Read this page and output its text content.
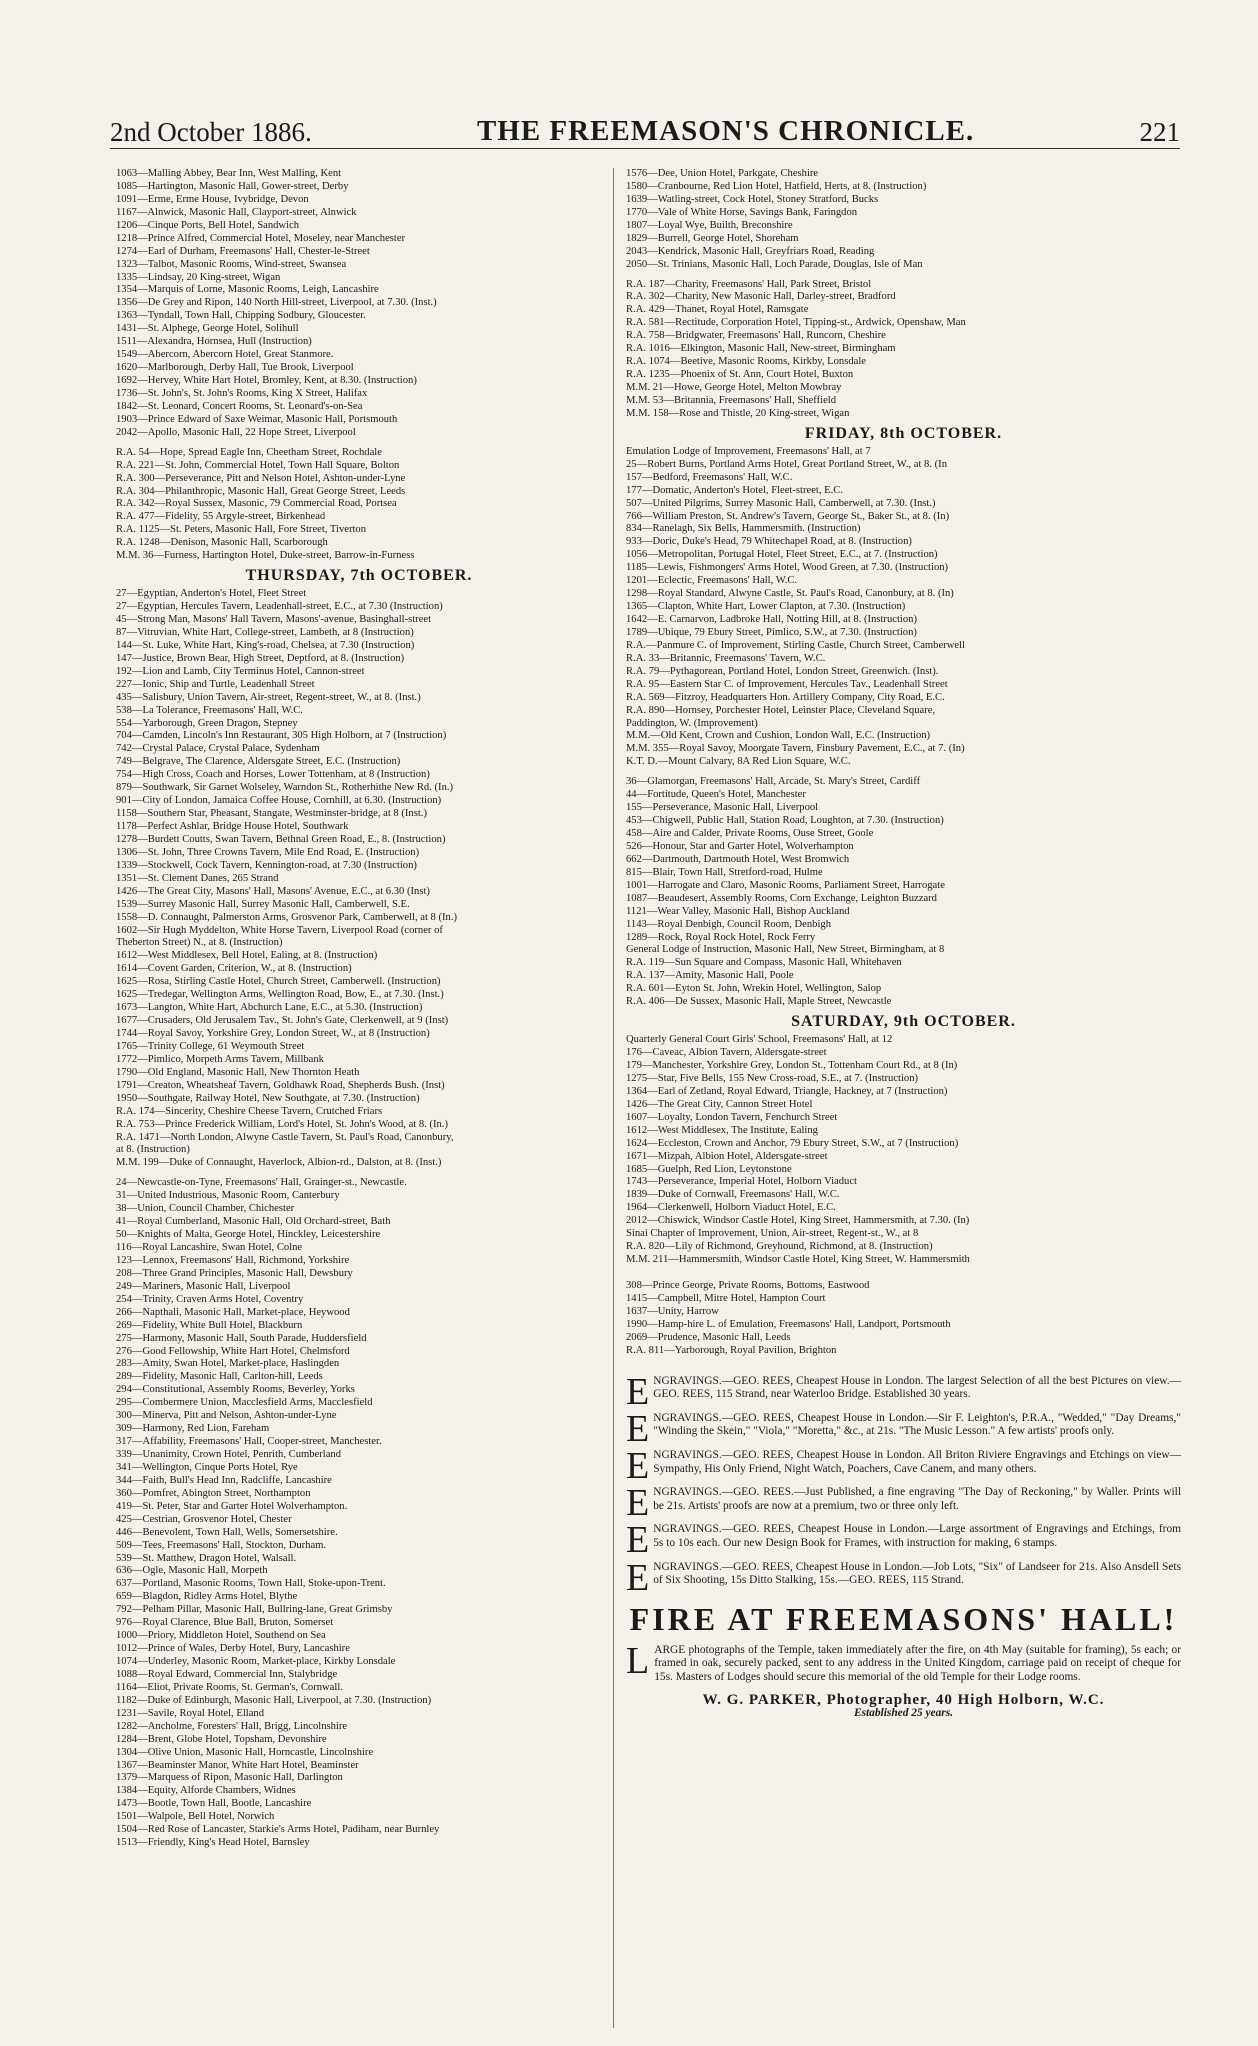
2nd October 1886.	THE FREEMASON'S CHRONICLE.	221
1063—Malling Abbey, Bear Inn, West Malling, Kent
1085—Hartington, Masonic Hall, Gower-street, Derby
1091—Erme, Erme House, Ivybridge, Devon
1167—Alnwick, Masonic Hall, Clayport-street, Alnwick
1206—Cinque Ports, Bell Hotel, Sandwich
1218—Prince Alfred, Commercial Hotel, Moseley, near Manchester
1274—Earl of Durham, Freemasons' Hall, Chester-le-Street
1323—Talbot, Masonic Rooms, Wind-street, Swansea
1335—Lindsay, 20 King-street, Wigan
1354—Marquis of Lorne, Masonic Rooms, Leigh, Lancashire
1356—De Grey and Ripon, 140 North Hill-street, Liverpool, at 7.30. (Inst.)
1363—Tyndall, Town Hall, Chipping Sodbury, Gloucester.
1431—St. Alphege, George Hotel, Solihull
1511—Alexandra, Hornsea, Hull (Instruction)
1549—Abercorn, Abercorn Hotel, Great Stanmore.
1620—Marlborough, Derby Hall, Tue Brook, Liverpool
1692—Hervey, White Hart Hotel, Bromley, Kent, at 8.30. (Instruction)
1736—St. John's, St. John's Rooms, King X Street, Halifax
1842—St. Leonard, Concert Rooms, St. Leonard's-on-Sea
1903—Prince Edward of Saxe Weimar, Masonic Hall, Portsmouth
2042—Apollo, Masonic Hall, 22 Hope Street, Liverpool
R.A. 54—Hope, Spread Eagle Inn, Cheetham Street, Rochdale
R.A. 221—St. John, Commercial Hotel, Town Hall Square, Bolton
R.A. 300—Perseverance, Pitt and Nelson Hotel, Ashton-under-Lyne
R.A. 304—Philanthropic, Masonic Hall, Great George Street, Leeds
R.A. 342—Royal Sussex, Masonic, 79 Commercial Road, Portsea
R.A. 477—Fidelity, 55 Argyle-street, Birkenhead
R.A. 1125—St. Peters, Masonic Hall, Fore Street, Tiverton
R.A. 1248—Denison, Masonic Hall, Scarborough
M.M. 36—Furness, Hartington Hotel, Duke-street, Barrow-in-Furness
THURSDAY, 7th OCTOBER.
27—Egyptian, Anderton's Hotel, Fleet Street
27—Egyptian, Hercules Tavern, Leadenhall-street, E.C., at 7.30 (Instruction)
45—Strong Man, Masons' Hall Tavern, Masons'-avenue, Basinghall-street
87—Vitruvian, White Hart, College-street, Lambeth, at 8 (Instruction)
144—St. Luke, White Hart, King's-road, Chelsea, at 7.30 (Instruction)
147—Justice, Brown Bear, High Street, Deptford, at 8. (Instruction)
192—Lion and Lamb, City Terminus Hotel, Cannon-street
227—Ionic, Ship and Turtle, Leadenhall Street
435—Salisbury, Union Tavern, Air-street, Regent-street, W., at 8. (Inst.)
538—La Tolerance, Freemasons' Hall, W.C.
554—Yarborough, Green Dragon, Stepney
704—Camden, Lincoln's Inn Restaurant, 305 High Holborn, at 7 (Instruction)
742—Crystal Palace, Crystal Palace, Sydenham
749—Belgrave, The Clarence, Aldersgate Street, E.C. (Instruction)
754—High Cross, Coach and Horses, Lower Tottenham, at 8 (Instruction)
879—Southwark, Sir Garnet Wolseley, Warndon St., Rotherhithe New Rd. (In.)
901—City of London, Jamaica Coffee House, Cornhill, at 6.30. (Instruction)
1158—Southern Star, Pheasant, Stangate, Westminster-bridge, at 8 (Inst.)
1178—Perfect Ashlar, Bridge House Hotel, Southwark
1278—Burdett Coutts, Swan Tavern, Bethnal Green Road, E., 8. (Instruction)
1306—St. John, Three Crowns Tavern, Mile End Road, E. (Instruction)
1339—Stockwell, Cock Tavern, Kennington-road, at 7.30 (Instruction)
1351—St. Clement Danes, 265 Strand
1426—The Great City, Masons' Hall, Masons' Avenue, E.C., at 6.30 (Inst)
1539—Surrey Masonic Hall, Surrey Masonic Hall, Camberwell, S.E.
1558—D. Connaught, Palmerston Arms, Grosvenor Park, Camberwell, at 8 (In.)
1602—Sir Hugh Myddelton, White Horse Tavern, Liverpool Road (corner of
Theberton Street) N., at 8. (Instruction)
1612—West Middlesex, Bell Hotel, Ealing, at 8. (Instruction)
1614—Covent Garden, Criterion, W., at 8. (Instruction)
1625—Rosa, Stirling Castle Hotel, Church Street, Camberwell. (Instruction)
1625—Tredegar, Wellington Arms, Wellington Road, Bow, E., at 7.30. (Inst.)
1673—Langton, White Hart, Abchurch Lane, E.C., at 5.30. (Instruction)
1677—Crusaders, Old Jerusalem Tav., St. John's Gate, Clerkenwell, at 9 (Inst)
1744—Royal Savoy, Yorkshire Grey, London Street, W., at 8 (Instruction)
1765—Trinity College, 61 Weymouth Street
1772—Pimlico, Morpeth Arms Tavern, Millbank
1790—Old England, Masonic Hall, New Thornton Heath
1791—Creaton, Wheatsheaf Tavern, Goldhawk Road, Shepherds Bush. (Inst)
1950—Southgate, Railway Hotel, New Southgate, at 7.30. (Instruction)
R.A. 174—Sincerity, Cheshire Cheese Tavern, Crutched Friars
R.A. 753—Prince Frederick William, Lord's Hotel, St. John's Wood, at 8. (In.)
R.A. 1471—North London, Alwyne Castle Tavern, St. Paul's Road, Canonbury,
at 8. (Instruction)
M.M. 199—Duke of Connaught, Haverlock, Albion-rd., Dalston, at 8. (Inst.)
24—Newcastle-on-Tyne, Freemasons' Hall, Grainger-st., Newcastle.
31—United Industrious, Masonic Room, Canterbury
38—Union, Council Chamber, Chichester
41—Royal Cumberland, Masonic Hall, Old Orchard-street, Bath
50—Knights of Malta, George Hotel, Hinckley, Leicestershire
116—Royal Lancashire, Swan Hotel, Colne
123—Lennox, Freemasons' Hall, Richmond, Yorkshire
208—Three Grand Principles, Masonic Hall, Dewsbury
249—Mariners, Masonic Hall, Liverpool
254—Trinity, Craven Arms Hotel, Coventry
266—Napthali, Masonic Hall, Market-place, Heywood
269—Fidelity, White Bull Hotel, Blackburn
275—Harmony, Masonic Hall, South Parade, Huddersfield
276—Good Fellowship, White Hart Hotel, Chelmsford
283—Amity, Swan Hotel, Market-place, Haslingden
289—Fidelity, Masonic Hall, Carlton-hill, Leeds
294—Constitutional, Assembly Rooms, Beverley, Yorks
295—Combermere Union, Macclesfield Arms, Macclesfield
300—Minerva, Pitt and Nelson, Ashton-under-Lyne
309—Harmony, Red Lion, Fareham
317—Affability, Freemasons' Hall, Cooper-street, Manchester.
339—Unanimity, Crown Hotel, Penrith, Cumberland
341—Wellington, Cinque Ports Hotel, Rye
344—Faith, Bull's Head Inn, Radcliffe, Lancashire
360—Pomfret, Abington Street, Northampton
419—St. Peter, Star and Garter Hotel Wolverhampton.
425—Cestrian, Grosvenor Hotel, Chester
446—Benevolent, Town Hall, Wells, Somersetshire.
509—Tees, Freemasons' Hall, Stockton, Durham.
539—St. Matthew, Dragon Hotel, Walsall.
636—Ogle, Masonic Hall, Morpeth
637—Portland, Masonic Rooms, Town Hall, Stoke-upon-Trent.
659—Blagdon, Ridley Arms Hotel, Blythe
792—Pelham Pillar, Masonic Hall, Bullring-lane, Great Grimsby
976—Royal Clarence, Blue Ball, Bruton, Somerset
1000—Priory, Middleton Hotel, Southend on Sea
1012—Prince of Wales, Derby Hotel, Bury, Lancashire
1074—Underley, Masonic Room, Market-place, Kirkby Lonsdale
1088—Royal Edward, Commercial Inn, Stalybridge
1164—Eliot, Private Rooms, St. German's, Cornwall.
1182—Duke of Edinburgh, Masonic Hall, Liverpool, at 7.30. (Instruction)
1231—Savile, Royal Hotel, Elland
1282—Ancholme, Foresters' Hall, Brigg, Lincolnshire
1284—Brent, Globe Hotel, Topsham, Devonshire
1304—Olive Union, Masonic Hall, Horncastle, Lincolnshire
1367—Beaminster Manor, White Hart Hotel, Beaminster
1379—Marquess of Ripon, Masonic Hall, Darlington
1384—Equity, Alforde Chambers, Widnes
1473—Bootle, Town Hall, Bootle, Lancashire
1501—Walpole, Bell Hotel, Norwich
1504—Red Rose of Lancaster, Starkie's Arms Hotel, Padiham, near Burnley
1513—Friendly, King's Head Hotel, Barnsley
1576—Dee, Union Hotel, Parkgate, Cheshire
1580—Cranbourne, Red Lion Hotel, Hatfield, Herts, at 8. (Instruction)
1639—Watling-street, Cock Hotel, Stoney Stratford, Bucks
1770—Vale of White Horse, Savings Bank, Faringdon
1807—Loyal Wye, Builth, Breconshire
1829—Burrell, George Hotel, Shoreham
2043—Kendrick, Masonic Hall, Greyfriars Road, Reading
2050—St. Trinians, Masonic Hall, Loch Parade, Douglas, Isle of Man
R.A. 187—Charity, Freemasons' Hall, Park Street, Bristol
R.A. 302—Charity, New Masonic Hall, Darley-street, Bradford
R.A. 429—Thanet, Royal Hotel, Ramsgate
R.A. 581—Rectitude, Corporation Hotel, Tipping-st., Ardwick, Openshaw, Man
R.A. 758—Bridgwater, Freemasons' Hall, Runcorn, Cheshire
R.A. 1016—Elkington, Masonic Hall, New-street, Birmingham
R.A. 1074—Beetive, Masonic Rooms, Kirkby, Lonsdale
R.A. 1235—Phoenix of St. Ann, Court Hotel, Buxton
M.M. 21—Howe, George Hotel, Melton Mowbray
M.M. 53—Britannia, Freemasons' Hall, Sheffield
M.M. 158—Rose and Thistle, 20 King-street, Wigan
FRIDAY, 8th OCTOBER.
Emulation Lodge of Improvement, Freemasons' Hall, at 7
25—Robert Burns, Portland Arms Hotel, Great Portland Street, W., at 8. (In
157—Bedford, Freemasons' Hall, W.C.
177—Domatic, Anderton's Hotel, Fleet-street, E.C.
507—United Pilgrims, Surrey Masonic Hall, Camberwell, at 7.30. (Inst.)
766—William Preston, St. Andrew's Tavern, George St., Baker St., at 8. (In)
834—Ranelagh, Six Bells, Hammersmith. (Instruction)
933—Doric, Duke's Head, 79 Whitechapel Road, at 8. (Instruction)
1056—Metropolitan, Portugal Hotel, Fleet Street, E.C., at 7. (Instruction)
1185—Lewis, Fishmongers' Arms Hotel, Wood Green, at 7.30. (Instruction)
1201—Eclectic, Freemasons' Hall, W.C.
1298—Royal Standard, Alwyne Castle, St. Paul's Road, Canonbury, at 8. (In)
1365—Clapton, White Hart, Lower Clapton, at 7.30. (Instruction)
1642—E. Carnarvon, Ladbroke Hall, Notting Hill, at 8. (Instruction)
1789—Ubique, 79 Ebury Street, Pimlico, S.W., at 7.30. (Instruction)
R.A.—Panmure C. of Improvement, Stirling Castle, Church Street, Camberwell
R.A. 33—Britannic, Freemasons' Tavern, W.C.
R.A. 79—Pythagorean, Portland Hotel, London Street, Greenwich. (Inst).
R.A. 95—Eastern Star C. of Improvement, Hercules Tav., Leadenhall Street
R.A. 569—Fitzroy, Headquarters Hon. Artillery Company, City Road, E.C.
R.A. 890—Hornsey, Porchester Hotel, Leinster Place, Cleveland Square,
Paddington, W. (Improvement)
M.M.—Old Kent, Crown and Cushion, London Wall, E.C. (Instruction)
M.M. 355—Royal Savoy, Moorgate Tavern, Finsbury Pavement, E.C., at 7. (In)
K.T. D.—Mount Calvary, 8A Red Lion Square, W.C.
36—Glamorgan, Freemasons' Hall, Arcade, St. Mary's Street, Cardiff
44—Fortitude, Queen's Hotel, Manchester
155—Perseverance, Masonic Hall, Liverpool
453—Chigwell, Public Hall, Station Road, Loughton, at 7.30. (Instruction)
458—Aire and Calder, Private Rooms, Ouse Street, Goole
526—Honour, Star and Garter Hotel, Wolverhampton
662—Dartmouth, Dartmouth Hotel, West Bromwich
815—Blair, Town Hall, Stretford-road, Hulme
1001—Harrogate and Claro, Masonic Rooms, Parliament Street, Harrogate
1087—Beaudesert, Assembly Rooms, Corn Exchange, Leighton Buzzard
1121—Wear Valley, Masonic Hall, Bishop Auckland
1143—Royal Denbigh, Council Room, Denbigh
1289—Rock, Royal Rock Hotel, Rock Ferry
General Lodge of Instruction, Masonic Hall, New Street, Birmingham, at 8
R.A. 119—Sun Square and Compass, Masonic Hall, Whitehaven
R.A. 137—Amity, Masonic Hall, Poole
R.A. 601—Eyton St. John, Wrekin Hotel, Wellington, Salop
R.A. 406—De Sussex, Masonic Hall, Maple Street, Newcastle
SATURDAY, 9th OCTOBER.
Quarterly General Court Girls' School, Freemasons' Hall, at 12
176—Caveac, Albion Tavern, Aldersgate-street
179—Manchester, Yorkshire Grey, London St., Tottenham Court Rd., at 8 (In)
1275—Star, Five Bells, 155 New Cross-road, S.E., at 7. (Instruction)
1364—Earl of Zetland, Royal Edward, Triangle, Hackney, at 7 (Instruction)
1426—The Great City, Cannon Street Hotel
1607—Loyalty, London Tavern, Fenchurch Street
1612—West Middlesex, The Institute, Ealing
1624—Eccleston, Crown and Anchor, 79 Ebury Street, S.W., at 7 (Instruction)
1671—Mizpah, Albion Hotel, Aldersgate-street
1685—Guelph, Red Lion, Leytonstone
1743—Perseverance, Imperial Hotel, Holborn Viaduct
1839—Duke of Cornwall, Freemasons' Hall, W.C.
1964—Clerkenwell, Holborn Viaduct Hotel, E.C.
2012—Chiswick, Windsor Castle Hotel, King Street, Hammersmith, at 7.30. (In)
Sinai Chapter of Improvement, Union, Air-street, Regent-st., W., at 8
R.A. 820—Lily of Richmond, Greyhound, Richmond, at 8. (Instruction)
M.M. 211—Hammersmith, Windsor Castle Hotel, King Street, W. Hammersmith

308—Prince George, Private Rooms, Bottoms, Eastwood
1415—Campbell, Mitre Hotel, Hampton Court
1637—Unity, Harrow
1990—Hamp-hire L. of Emulation, Freemasons' Hall, Landport, Portsmouth
2069—Prudence, Masonic Hall, Leeds
R.A. 811—Yarborough, Royal Pavilion, Brighton
ENGRAVINGS.—GEO. REES, Cheapest House in London. The largest Selection of all the best Pictures on view.—GEO. REES, 115 Strand, near Waterloo Bridge. Established 30 years.
ENGRAVINGS.—GEO. REES, Cheapest House in London.—Sir F. Leighton's, P.R.A., "Wedded," "Day Dreams," "Winding the Skein," "Viola," "Moretta," &c., at 21s. "The Music Lesson." A few artists' proofs only.
ENGRAVINGS.—GEO. REES, Cheapest House in London. All Briton Riviere Engravings and Etchings on view—Sympathy, His Only Friend, Night Watch, Poachers, Cave Canem, and many others.
ENGRAVINGS.—GEO. REES.—Just Published, a fine engraving "The Day of Reckoning," by Waller. Prints will be 21s. Artists' proofs are now at a premium, two or three only left.
ENGRAVINGS.—GEO. REES, Cheapest House in London.—Large assortment of Engravings and Etchings, from 5s to 10s each. Our new Design Book for Frames, with instruction for making, 6 stamps.
ENGRAVINGS.—GEO. REES, Cheapest House in London.—Job Lots, "Six" of Landseer for 21s. Also Ansdell Sets of Six Shooting, 15s Ditto Stalking, 15s.—GEO. REES, 115 Strand.
FIRE AT FREEMASONS' HALL!
LARGE photographs of the Temple, taken immediately after the fire, on 4th May (suitable for framing), 5s each; or framed in oak, securely packed, sent to any address in the United Kingdom, carriage paid on receipt of cheque for 15s. Masters of Lodges should secure this memorial of the old Temple for their Lodge rooms.
W. G. PARKER, Photographer, 40 High Holborn, W.C.
Established 25 years.
